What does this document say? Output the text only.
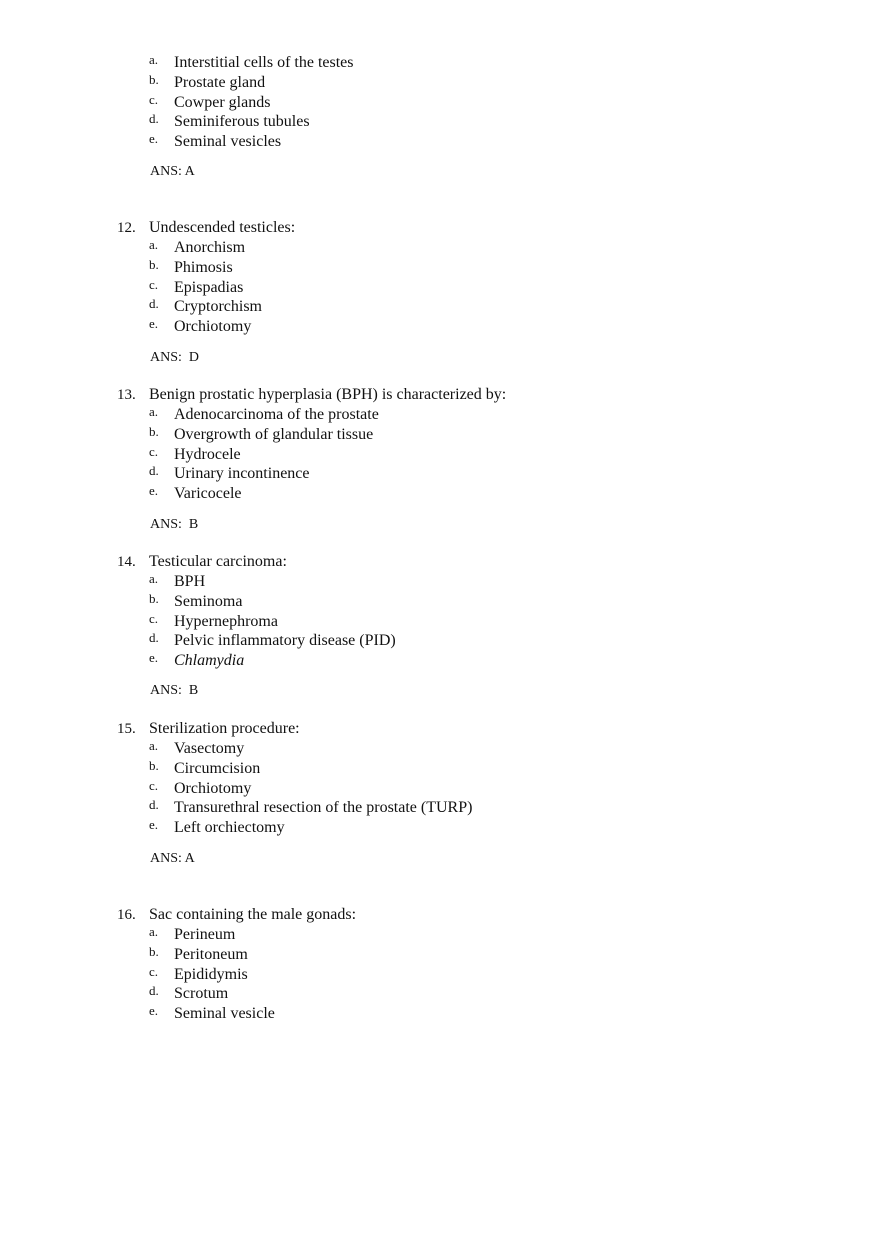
a. Interstitial cells of the testes
b. Prostate gland
c. Cowper glands
d. Seminiferous tubules
e. Seminal vesicles
ANS: A
12. Undescended testicles:
a. Anorchism
b. Phimosis
c. Epispadias
d. Cryptorchism
e. Orchiotomy
ANS:  D
13. Benign prostatic hyperplasia (BPH) is characterized by:
a. Adenocarcinoma of the prostate
b. Overgrowth of glandular tissue
c. Hydrocele
d. Urinary incontinence
e. Varicocele
ANS:  B
14. Testicular carcinoma:
a. BPH
b. Seminoma
c. Hypernephroma
d. Pelvic inflammatory disease (PID)
e. Chlamydia
ANS:  B
15. Sterilization procedure:
a. Vasectomy
b. Circumcision
c. Orchiotomy
d. Transurethral resection of the prostate (TURP)
e. Left orchiectomy
ANS: A
16. Sac containing the male gonads:
a. Perineum
b. Peritoneum
c. Epididymis
d. Scrotum
e. Seminal vesicle
